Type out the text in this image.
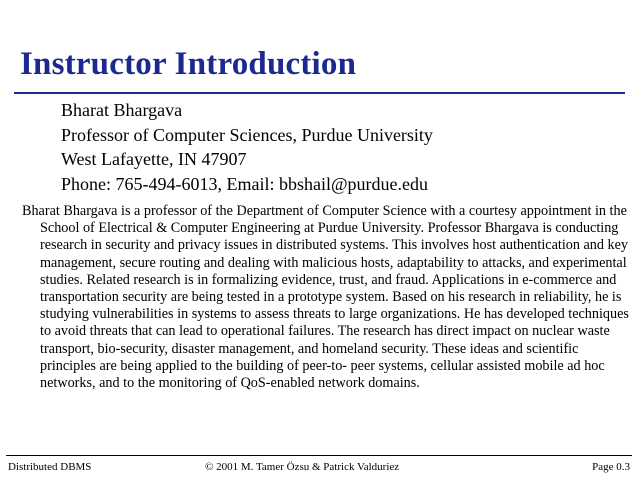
Instructor Introduction
Bharat Bhargava
Professor of Computer Sciences, Purdue University
West Lafayette, IN 47907
Phone: 765-494-6013, Email: bbshail@purdue.edu

Bharat Bhargava is a professor of the Department of Computer Science with a courtesy appointment in the School of Electrical & Computer Engineering at Purdue University. Professor Bhargava is conducting research in security and privacy issues in distributed systems. This involves host authentication and key management, secure routing and dealing with malicious hosts, adaptability to attacks, and experimental studies. Related research is in formalizing evidence, trust, and fraud. Applications in e-commerce and transportation security are being tested in a prototype system. Based on his research in reliability, he is studying vulnerabilities in systems to assess threats to large organizations. He has developed techniques to avoid threats that can lead to operational failures. The research has direct impact on nuclear waste transport, bio-security, disaster management, and homeland security. These ideas and scientific principles are being applied to the building of peer-to- peer systems, cellular assisted mobile ad hoc networks, and to the monitoring of QoS-enabled network domains.

Distributed DBMS	© 2001 M. Tamer Özsu & Patrick Valduriez	Page 0.3
